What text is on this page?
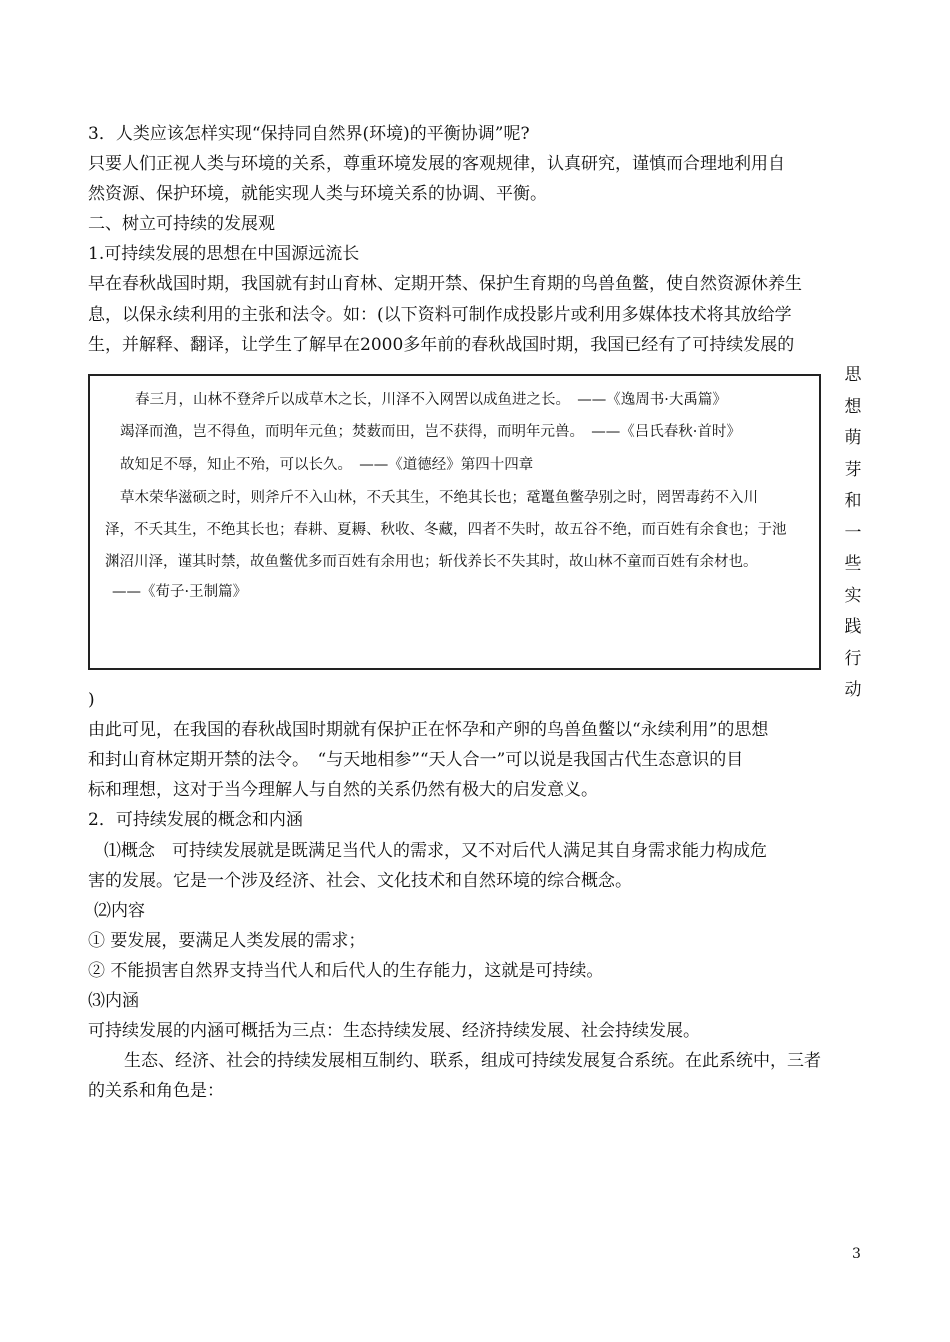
3．人类应该怎样实现“保持同自然界(环境)的平衡协调”呢?
只要人们正视人类与环境的关系，尊重环境发展的客观规律，认真研究，谨慎而合理地利用自
然资源、保护环境，就能实现人类与环境关系的协调、平衡。
二、树立可持续的发展观
1.可持续发展的思想在中国源远流长
早在春秋战国时期，我国就有封山育林、定期开禁、保护生育期的鸟兽鱼鳖，使自然资源休养生
息，以保永续利用的主张和法令。如：(以下资料可制作成投影片或利用多媒体技术将其放给学
生，并解释、翻译，让学生了解早在2000多年前的春秋战国时期，我国已经有了可持续发展的
春三月，山林不登斧斤以成草木之长，川泽不入网罟以成鱼进之长。　——《逸周书·大禹篇》
竭泽而渔，岂不得鱼，而明年元鱼；焚薮而田，岂不获得，而明年元兽。　——《吕氏春秋·首时》
故知足不辱，知止不殆，可以长久。　——《道德经》第四十四章
草木荣华滋硕之时，则斧斤不入山林，不夭其生，不绝其长也；鼋鼍鱼鳖孕别之时，罔罟毒药不入川
泽，不夭其生，不绝其长也；春耕、夏耨、秋收、冬藏，四者不失时，故五谷不绝，而百姓有余食也；于池
渊沼川泽，谨其时禁，故鱼鳖优多而百姓有余用也；斩伐养长不失其时，故山林不童而百姓有余材也。
——《荀子·王制篇》
思
想
萌
芽
和
一
些
实
践
行
动
)
由此可见，在我国的春秋战国时期就有保护正在怀孕和产卵的鸟兽鱼鳖以“永续利用”的思想
和封山育林定期开禁的法令。　“与天地相参”“天人合一”可以说是我国古代生态意识的目
标和理想，这对于当今理解人与自然的关系仍然有极大的启发意义。
2．可持续发展的概念和内涵
⑴概念　可持续发展就是既满足当代人的需求，又不对后代人满足其自身需求能力构成危
害的发展。它是一个涉及经济、社会、文化技术和自然环境的综合概念。
⑵内容
① 要发展，要满足人类发展的需求；
② 不能损害自然界支持当代人和后代人的生存能力，这就是可持续。
⑶内涵
可持续发展的内涵可概括为三点：生态持续发展、经济持续发展、社会持续发展。
生态、经济、社会的持续发展相互制约、联系，组成可持续发展复合系统。在此系统中，三者
的关系和角色是：
3
